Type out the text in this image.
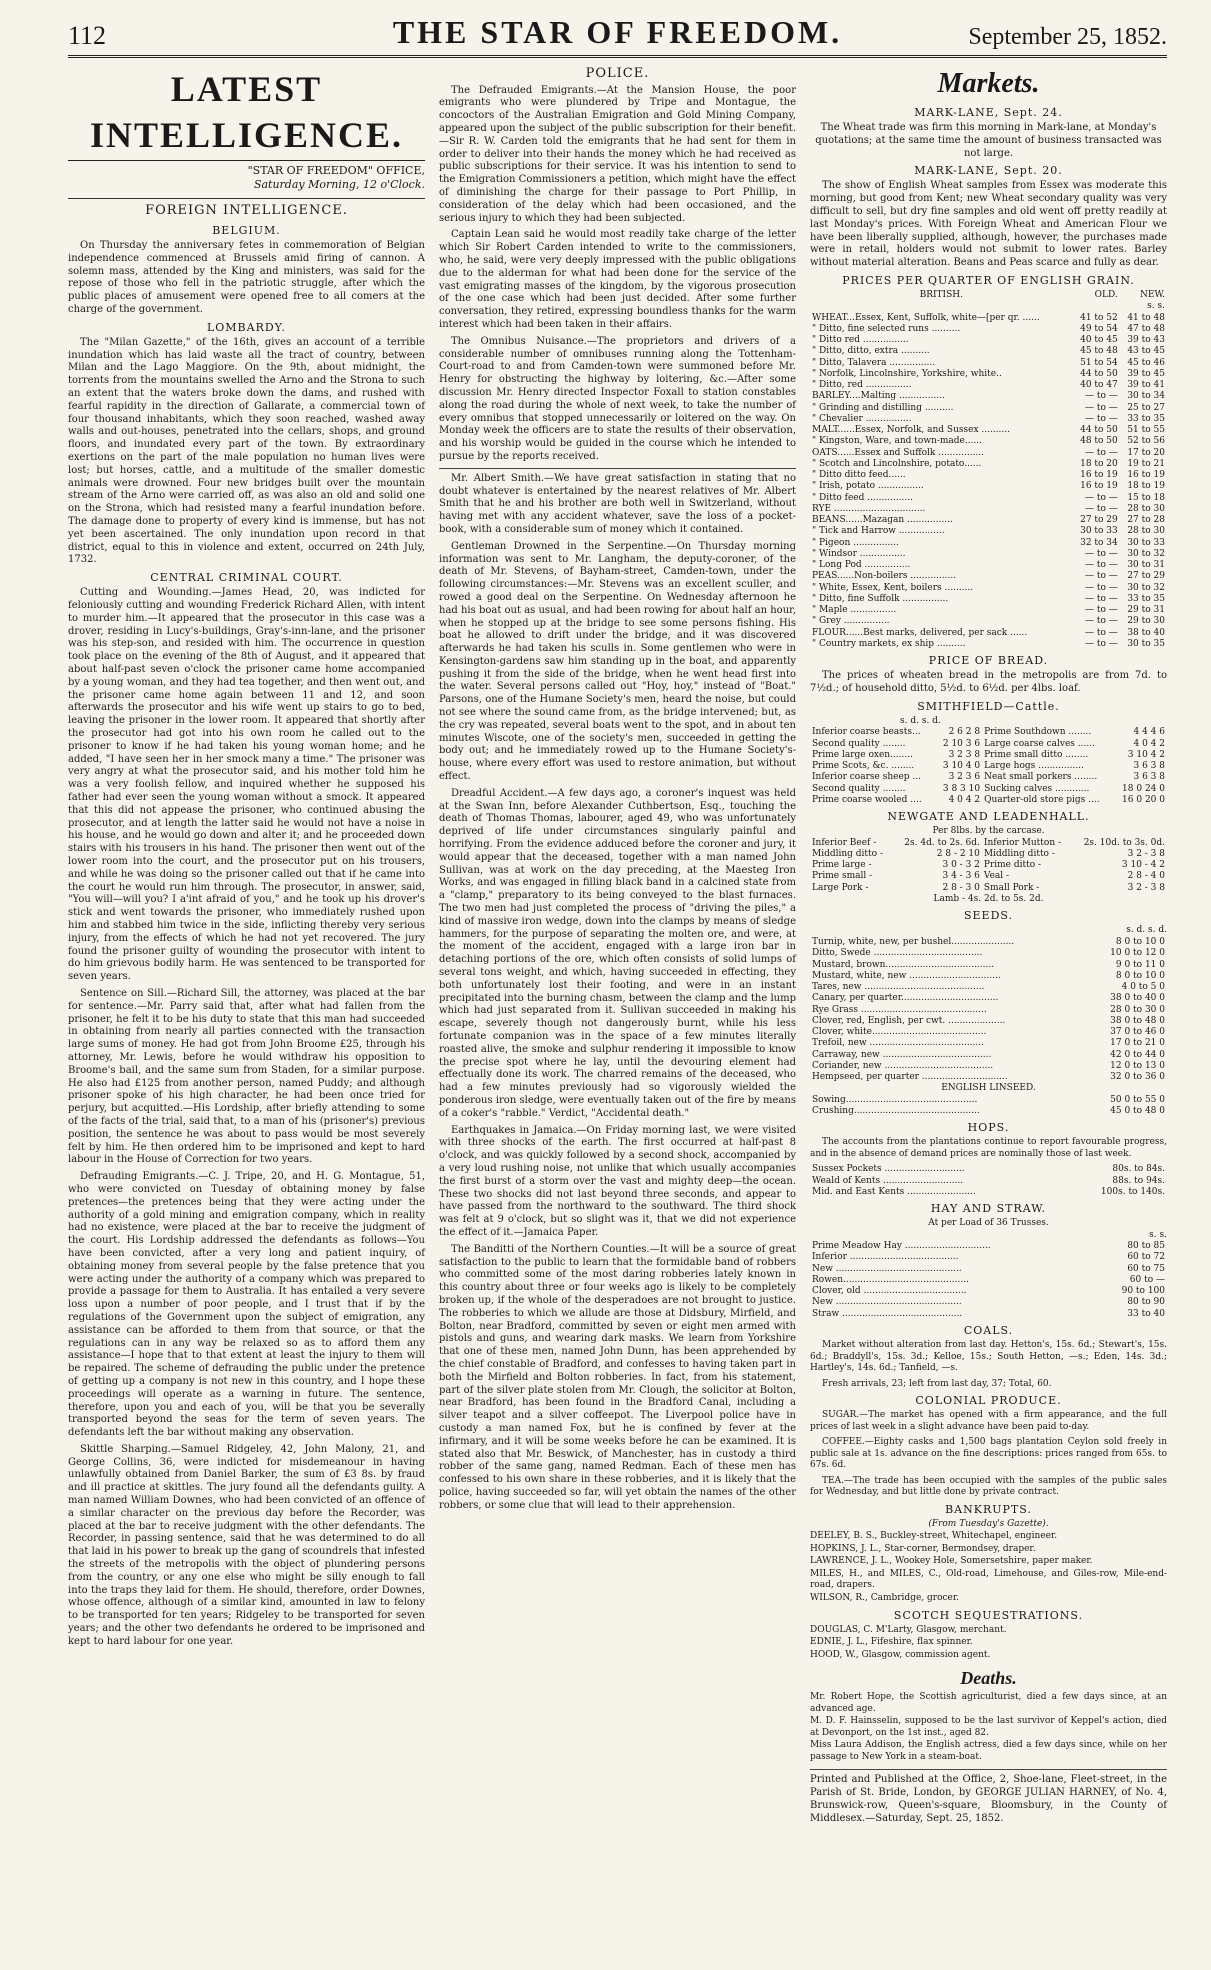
112	THE STAR OF FREEDOM.	September 25, 1852.
LATEST INTELLIGENCE.
"STAR OF FREEDOM" OFFICE,
Saturday Morning, 12 o'Clock.
FOREIGN INTELLIGENCE.
BELGIUM.

On Thursday the anniversary fetes in commemoration of Belgian independence commenced at Brussels amid firing of cannon. A solemn mass, attended by the King and ministers, was said for the repose of those who fell in the patriotic struggle, after which the public places of amusement were opened free to all comers at the charge of the government.

LOMBARDY.

The "Milan Gazette," of the 16th, gives an account of a terrible inundation which has laid waste all the tract of country, between Milan and the Lago Maggiore. On the 9th, about midnight, the torrents from the mountains swelled the Arno and the Strona to such an extent that the waters broke down the dams, and rushed with fearful rapidity in the direction of Gallarate, a commercial town of four thousand inhabitants, which they soon reached, washed away walls and out-houses, penetrated into the cellars, shops, and ground floors, and inundated every part of the town. By extraordinary exertions on the part of the male population no human lives were lost; but horses, cattle, and a multitude of the smaller domestic animals were drowned. Four new bridges built over the mountain stream of the Arno were carried off, as was also an old and solid one on the Strona, which had resisted many a fearful inundation before. The damage done to property of every kind is immense, but has not yet been ascertained. The only inundation upon record in that district, equal to this in violence and extent, occurred on 24th July, 1732.

CENTRAL CRIMINAL COURT.

Cutting and Wounding.—James Head, 20, was indicted for feloniously cutting and wounding Frederick Richard Allen, with intent to murder him.—It appeared that the prosecutor in this case was a drover, residing in Lucy's-buildings, Gray's-inn-lane, and the prisoner was his step-son, and resided with him. The occurrence in question took place on the evening of the 8th of August, and it appeared that about half-past seven o'clock the prisoner came home accompanied by a young woman, and they had tea together, and then went out, and the prisoner came home again between 11 and 12, and soon afterwards the prosecutor and his wife went up stairs to go to bed, leaving the prisoner in the lower room. It appeared that shortly after the prosecutor had got into his own room he called out to the prisoner to know if he had taken his young woman home; and he added, "I have seen her in her smock many a time." The prisoner was very angry at what the prosecutor said, and his mother told him he was a very foolish fellow, and inquired whether he supposed his father had ever seen the young woman without a smock. It appeared that this did not appease the prisoner, who continued abusing the prosecutor, and at length the latter said he would not have a noise in his house, and he would go down and alter it; and he proceeded down stairs with his trousers in his hand. The prisoner then went out of the lower room into the court, and the prosecutor put on his trousers, and while he was doing so the prisoner called out that if he came into the court he would run him through. The prosecutor, in answer, said, "You will—will you? I a'int afraid of you," and he took up his drover's stick and went towards the prisoner, who immediately rushed upon him and stabbed him twice in the side, inflicting thereby very serious injury, from the effects of which he had not yet recovered. The jury found the prisoner guilty of wounding the prosecutor with intent to do him grievous bodily harm. He was sentenced to be transported for seven years.

Sentence on Sill.—Richard Sill, the attorney, was placed at the bar for sentence.—Mr. Parry said that, after what had fallen from the prisoner, he felt it to be his duty to state that this man had succeeded in obtaining from nearly all parties connected with the transaction large sums of money. He had got from John Broome £25, through his attorney, Mr. Lewis, before he would withdraw his opposition to Broome's bail, and the same sum from Staden, for a similar purpose. He also had £125 from another person, named Puddy; and although prisoner spoke of his high character, he had been once tried for perjury, but acquitted.—His Lordship, after briefly attending to some of the facts of the trial, said that, to a man of his (prisoner's) previous position, the sentence he was about to pass would be most severely felt by him. He then ordered him to be imprisoned and kept to hard labour in the House of Correction for two years.

Defrauding Emigrants.—C. J. Tripe, 20, and H. G. Montague, 51, who were convicted on Tuesday of obtaining money by false pretences—the pretences being that they were acting under the authority of a gold mining and emigration company, which in reality had no existence, were placed at the bar to receive the judgment of the court. His Lordship addressed the defendants as follows—You have been convicted, after a very long and patient inquiry, of obtaining money from several people by the false pretence that you were acting under the authority of a company which was prepared to provide a passage for them to Australia. It has entailed a very severe loss upon a number of poor people, and I trust that if by the regulations of the Government upon the subject of emigration, any assistance can be afforded to them from that source, or that the regulations can in any way be relaxed so as to afford them any assistance—I hope that to that extent at least the injury to them will be repaired. The scheme of defrauding the public under the pretence of getting up a company is not new in this country, and I hope these proceedings will operate as a warning in future. The sentence, therefore, upon you and each of you, will be that you be severally transported beyond the seas for the term of seven years. The defendants left the bar without making any observation.

Skittle Sharping.—Samuel Ridgeley, 42, John Malony, 21, and George Collins, 36, were indicted for misdemeanour in having unlawfully obtained from Daniel Barker, the sum of £3 8s. by fraud and ill practice at skittles. The jury found all the defendants guilty. A man named William Downes, who had been convicted of an offence of a similar character on the previous day before the Recorder, was placed at the bar to receive judgment with the other defendants. The Recorder, in passing sentence, said that he was determined to do all that laid in his power to break up the gang of scoundrels that infested the streets of the metropolis with the object of plundering persons from the country, or any one else who might be silly enough to fall into the traps they laid for them. He should, therefore, order Downes, whose offence, although of a similar kind, amounted in law to felony to be transported for ten years; Ridgeley to be transported for seven years; and the other two defendants he ordered to be imprisoned and kept to hard labour for one year.

POLICE.

The Defrauded Emigrants.—At the Mansion House, the poor emigrants who were plundered by Tripe and Montague, the concoctors of the Australian Emigration and Gold Mining Company, appeared upon the subject of the public subscription for their benefit.—Sir R. W. Carden told the emigrants that he had sent for them in order to deliver into their hands the money which he had received as public subscriptions for their service. It was his intention to send to the Emigration Commissioners a petition, which might have the effect of diminishing the charge for their passage to Port Phillip, in consideration of the delay which had been occasioned, and the serious injury to which they had been subjected.

Captain Lean said he would most readily take charge of the letter which Sir Robert Carden intended to write to the commissioners, who, he said, were very deeply impressed with the public obligations due to the alderman for what had been done for the service of the vast emigrating masses of the kingdom, by the vigorous prosecution of the one case which had been just decided. After some further conversation, they retired, expressing boundless thanks for the warm interest which had been taken in their affairs.

The Omnibus Nuisance.—The proprietors and drivers of a considerable number of omnibuses running along the Tottenham-Court-road to and from Camden-town were summoned before Mr. Henry for obstructing the highway by loitering, &c.—After some discussion Mr. Henry directed Inspector Foxall to station constables along the road during the whole of next week, to take the number of every omnibus that stopped unnecessarily or loitered on the way. On Monday week the officers are to state the results of their observation, and his worship would be guided in the course which he intended to pursue by the reports received.

Mr. Albert Smith.—We have great satisfaction in stating that no doubt whatever is entertained by the nearest relatives of Mr. Albert Smith that he and his brother are both well in Switzerland, without having met with any accident whatever, save the loss of a pocket-book, with a considerable sum of money which it contained.

Gentleman Drowned in the Serpentine.—On Thursday morning information was sent to Mr. Langham, the deputy-coroner, of the death of Mr. Stevens, of Bayham-street, Camden-town, under the following circumstances:—Mr. Stevens was an excellent sculler, and rowed a good deal on the Serpentine. On Wednesday afternoon he had his boat out as usual, and had been rowing for about half an hour, when he stopped up at the bridge to see some persons fishing. His boat he allowed to drift under the bridge, and it was discovered afterwards he had taken his sculls in. Some gentlemen who were in Kensington-gardens saw him standing up in the boat, and apparently pushing it from the side of the bridge, when he went head first into the water. Several persons called out "Hoy, hoy," instead of "Boat." Parsons, one of the Humane Society's men, heard the noise, but could not see where the sound came from, as the bridge intervened; but, as the cry was repeated, several boats went to the spot, and in about ten minutes Wiscote, one of the society's men, succeeded in getting the body out; and he immediately rowed up to the Humane Society's-house, where every effort was used to restore animation, but without effect.

Dreadful Accident.—A few days ago, a coroner's inquest was held at the Swan Inn, before Alexander Cuthbertson, Esq., touching the death of Thomas Thomas, labourer, aged 49, who was unfortunately deprived of life under circumstances singularly painful and horrifying. From the evidence adduced before the coroner and jury, it would appear that the deceased, together with a man named John Sullivan, was at work on the day preceding, at the Maesteg Iron Works, and was engaged in filling black band in a calcined state from a "clamp," preparatory to its being conveyed to the blast furnaces. The two men had just completed the process of "driving the piles," a kind of massive iron wedge, down into the clamps by means of sledge hammers, for the purpose of separating the molten ore, and were, at the moment of the accident, engaged with a large iron bar in detaching portions of the ore, which often consists of solid lumps of several tons weight, and which, having succeeded in effecting, they both unfortunately lost their footing, and were in an instant precipitated into the burning chasm, between the clamp and the lump which had just separated from it. Sullivan succeeded in making his escape, severely though not dangerously burnt, while his less fortunate companion was in the space of a few minutes literally roasted alive, the smoke and sulphur rendering it impossible to know the precise spot where he lay, until the devouring element had effectually done its work. The charred remains of the deceased, who had a few minutes previously had so vigorously wielded the ponderous iron sledge, were eventually taken out of the fire by means of a coker's "rabble." Verdict, "Accidental death."

Earthquakes in Jamaica.—On Friday morning last, we were visited with three shocks of the earth. The first occurred at half-past 8 o'clock, and was quickly followed by a second shock, accompanied by a very loud rushing noise, not unlike that which usually accompanies the first burst of a storm over the vast and mighty deep—the ocean. These two shocks did not last beyond three seconds, and appear to have passed from the northward to the southward. The third shock was felt at 9 o'clock, but so slight was it, that we did not experience the effect of it.—Jamaica Paper.

The Banditti of the Northern Counties.—It will be a source of great satisfaction to the public to learn that the formidable band of robbers who committed some of the most daring robberies lately known in this country about three or four weeks ago is likely to be completely broken up, if the whole of the desperadoes are not brought to justice. The robberies to which we allude are those at Didsbury, Mirfield, and Bolton, near Bradford, committed by seven or eight men armed with pistols and guns, and wearing dark masks. We learn from Yorkshire that one of these men, named John Dunn, has been apprehended by the chief constable of Bradford, and confesses to having taken part in both the Mirfield and Bolton robberies. In fact, from his statement, part of the silver plate stolen from Mr. Clough, the solicitor at Bolton, near Bradford, has been found in the Bradford Canal, including a silver teapot and a silver coffeepot. The Liverpool police have in custody a man named Fox, but he is confined by fever at the infirmary, and it will be some weeks before he can be examined. It is stated also that Mr. Beswick, of Manchester, has in custody a third robber of the same gang, named Redman. Each of these men has confessed to his own share in these robberies, and it is likely that the police, having succeeded so far, will yet obtain the names of the other robbers, or some clue that will lead to their apprehension.

Markets.
MARK-LANE, Sept. 24.
The Wheat trade was firm this morning in Mark-lane, at Monday's quotations; at the same time the amount of business transacted was not large.
MARK-LANE, Sept. 20.

The show of English Wheat samples from Essex was moderate this morning, but good from Kent; new Wheat secondary quality was very difficult to sell, but dry fine samples and old went off pretty readily at last Monday's prices. With Foreign Wheat and American Flour we have been liberally supplied, although, however, the purchases made were in retail, holders would not submit to lower rates. Barley without material alteration. Beans and Peas scarce and fully as dear.

PRICES PER QUARTER OF ENGLISH GRAIN.
BRITISH.	OLD.	NEW.
	s. s.	
WHEAT...Essex, Kent, Suffolk, white—[per qr. ......	41 to 52	41 to 48
" Ditto, fine selected runs ..........	49 to 54	47 to 48
" Ditto red ................	40 to 45	39 to 43
" Ditto, ditto, extra ..........	45 to 48	43 to 45
" Ditto, Talavera ................	51 to 54	45 to 46
" Norfolk, Lincolnshire, Yorkshire, white..	44 to 50	39 to 45
" Ditto, red ................	40 to 47	39 to 41
BARLEY....Malting ................	— to —	30 to 34
" Grinding and distilling ..........	— to —	25 to 27
" Chevalier ................	— to —	33 to 35
MALT......Essex, Norfolk, and Sussex ..........	44 to 50	51 to 55
" Kingston, Ware, and town-made......	48 to 50	52 to 56
OATS......Essex and Suffolk ................	— to —	17 to 20
" Scotch and Lincolnshire, potato......	18 to 20	19 to 21
" Ditto ditto feed......	16 to 19	16 to 19
" Irish, potato ................	16 to 19	18 to 19
" Ditto feed ................	— to —	15 to 18
RYE ................................	— to —	28 to 30
BEANS......Mazagan ................	27 to 29	27 to 28
" Tick and Harrow ................	30 to 33	28 to 30
" Pigeon ................	32 to 34	30 to 33
" Windsor ................	— to —	30 to 32
" Long Pod ................	— to —	30 to 31
PEAS......Non-boilers ................	— to —	27 to 29
" White, Essex, Kent, boilers ..........	— to —	30 to 32
" Ditto, fine Suffolk ................	— to —	33 to 35
" Maple ................	— to —	29 to 31
" Grey ................	— to —	29 to 30
FLOUR......Best marks, delivered, per sack ......	— to —	38 to 40
" Country markets, ex ship ..........	— to —	30 to 35
PRICE OF BREAD.

The prices of wheaten bread in the metropolis are from 7d. to 7½d.; of household ditto, 5½d. to 6½d. per 4lbs. loaf.

SMITHFIELD—Cattle.
s. d. s. d.
Inferior coarse beasts...	2 6 2 8	Prime Southdown ........	4 4 4 6
Second quality ........	2 10 3 6	Large coarse calves ......	4 0 4 2
Prime large oxen........	3 2 3 8	Prime small ditto ........	3 10 4 2
Prime Scots, &c. ........	3 10 4 0	Large hogs ................	3 6 3 8
Inferior coarse sheep ...	3 2 3 6	Neat small porkers ........	3 6 3 8
Second quality ........	3 8 3 10	Sucking calves ............	18 0 24 0
Prime coarse wooled ....	4 0 4 2	Quarter-old store pigs ....	16 0 20 0
NEWGATE AND LEADENHALL.
Per 8lbs. by the carcase.
Inferior Beef -	2s. 4d. to 2s. 6d.	Inferior Mutton -	2s. 10d. to 3s. 0d.
Middling ditto -	2 8 - 2 10	Middling ditto -	3 2 - 3 8
Prime large -	3 0 - 3 2	Prime ditto -	3 10 - 4 2
Prime small -	3 4 - 3 6	Veal -	2 8 - 4 0
Large Pork -	2 8 - 3 0	Small Pork -	3 2 - 3 8
Lamb - 4s. 2d. to 5s. 2d.
SEEDS.
s. d. s. d.
Turnip, white, new, per bushel......................	8 0 to 10 0
Ditto, Swede ......................................	10 0 to 12 0
Mustard, brown......................................	9 0 to 11 0
Mustard, white, new ................................	8 0 to 10 0
Tares, new ..........................................	4 0 to 5 0
Canary, per quarter..................................	38 0 to 40 0
Rye Grass ............................................	28 0 to 30 0
Clover, red, English, per cwt. ....................	38 0 to 48 0
Clover, white........................................	37 0 to 46 0
Trefoil, new ........................................	17 0 to 21 0
Carraway, new ......................................	42 0 to 44 0
Coriander, new ......................................	12 0 to 13 0
Hempseed, per quarter ..............................	32 0 to 36 0
ENGLISH LINSEED.
Sowing..............................................	50 0 to 55 0
Crushing............................................	45 0 to 48 0
HOPS.

The accounts from the plantations continue to report favourable progress, and in the absence of demand prices are nominally those of last week.

Sussex Pockets ............................	80s. to 84s.
Weald of Kents ............................	88s. to 94s.
Mid. and East Kents ........................	100s. to 140s.
HAY AND STRAW.
At per Load of 36 Trusses.
s. s.
Prime Meadow Hay ..............................	80 to 85
Inferior ......................................	60 to 72
New ............................................	60 to 75
Rowen............................................	60 to —
Clover, old ....................................	90 to 100
New ............................................	80 to 90
Straw ..........................................	33 to 40
COALS.

Market without alteration from last day. Hetton's, 15s. 6d.; Stewart's, 15s. 6d.; Braddyll's, 15s. 3d.; Kelloe, 15s.; South Hetton, —s.; Eden, 14s. 3d.; Hartley's, 14s. 6d.; Tanfield, —s.

Fresh arrivals, 23; left from last day, 37; Total, 60.

COLONIAL PRODUCE.

SUGAR.—The market has opened with a firm appearance, and the full prices of last week in a slight advance have been paid to-day.

COFFEE.—Eighty casks and 1,500 bags plantation Ceylon sold freely in public sale at 1s. advance on the fine descriptions: prices ranged from 65s. to 67s. 6d.

TEA.—The trade has been occupied with the samples of the public sales for Wednesday, and but little done by private contract.

BANKRUPTS.
(From Tuesday's Gazette).
DEELEY, B. S., Buckley-street, Whitechapel, engineer.
HOPKINS, J. L., Star-corner, Bermondsey, draper.
LAWRENCE, J. L., Wookey Hole, Somersetshire, paper maker.
MILES, H., and MILES, C., Old-road, Limehouse, and Giles-row, Mile-end-road, drapers.
WILSON, R., Cambridge, grocer.
SCOTCH SEQUESTRATIONS.
DOUGLAS, C. M'Larty, Glasgow, merchant.
EDNIE, J. L., Fifeshire, flax spinner.
HOOD, W., Glasgow, commission agent.
Deaths.
Mr. Robert Hope, the Scottish agriculturist, died a few days since, at an advanced age.
M. D. F. Hainsselin, supposed to be the last survivor of Keppel's action, died at Devonport, on the 1st inst., aged 82.
Miss Laura Addison, the English actress, died a few days since, while on her passage to New York in a steam-boat.
Printed and Published at the Office, 2, Shoe-lane, Fleet-street, in the Parish of St. Bride, London, by GEORGE JULIAN HARNEY, of No. 4, Brunswick-row, Queen's-square, Bloomsbury, in the County of Middlesex.—Saturday, Sept. 25, 1852.
